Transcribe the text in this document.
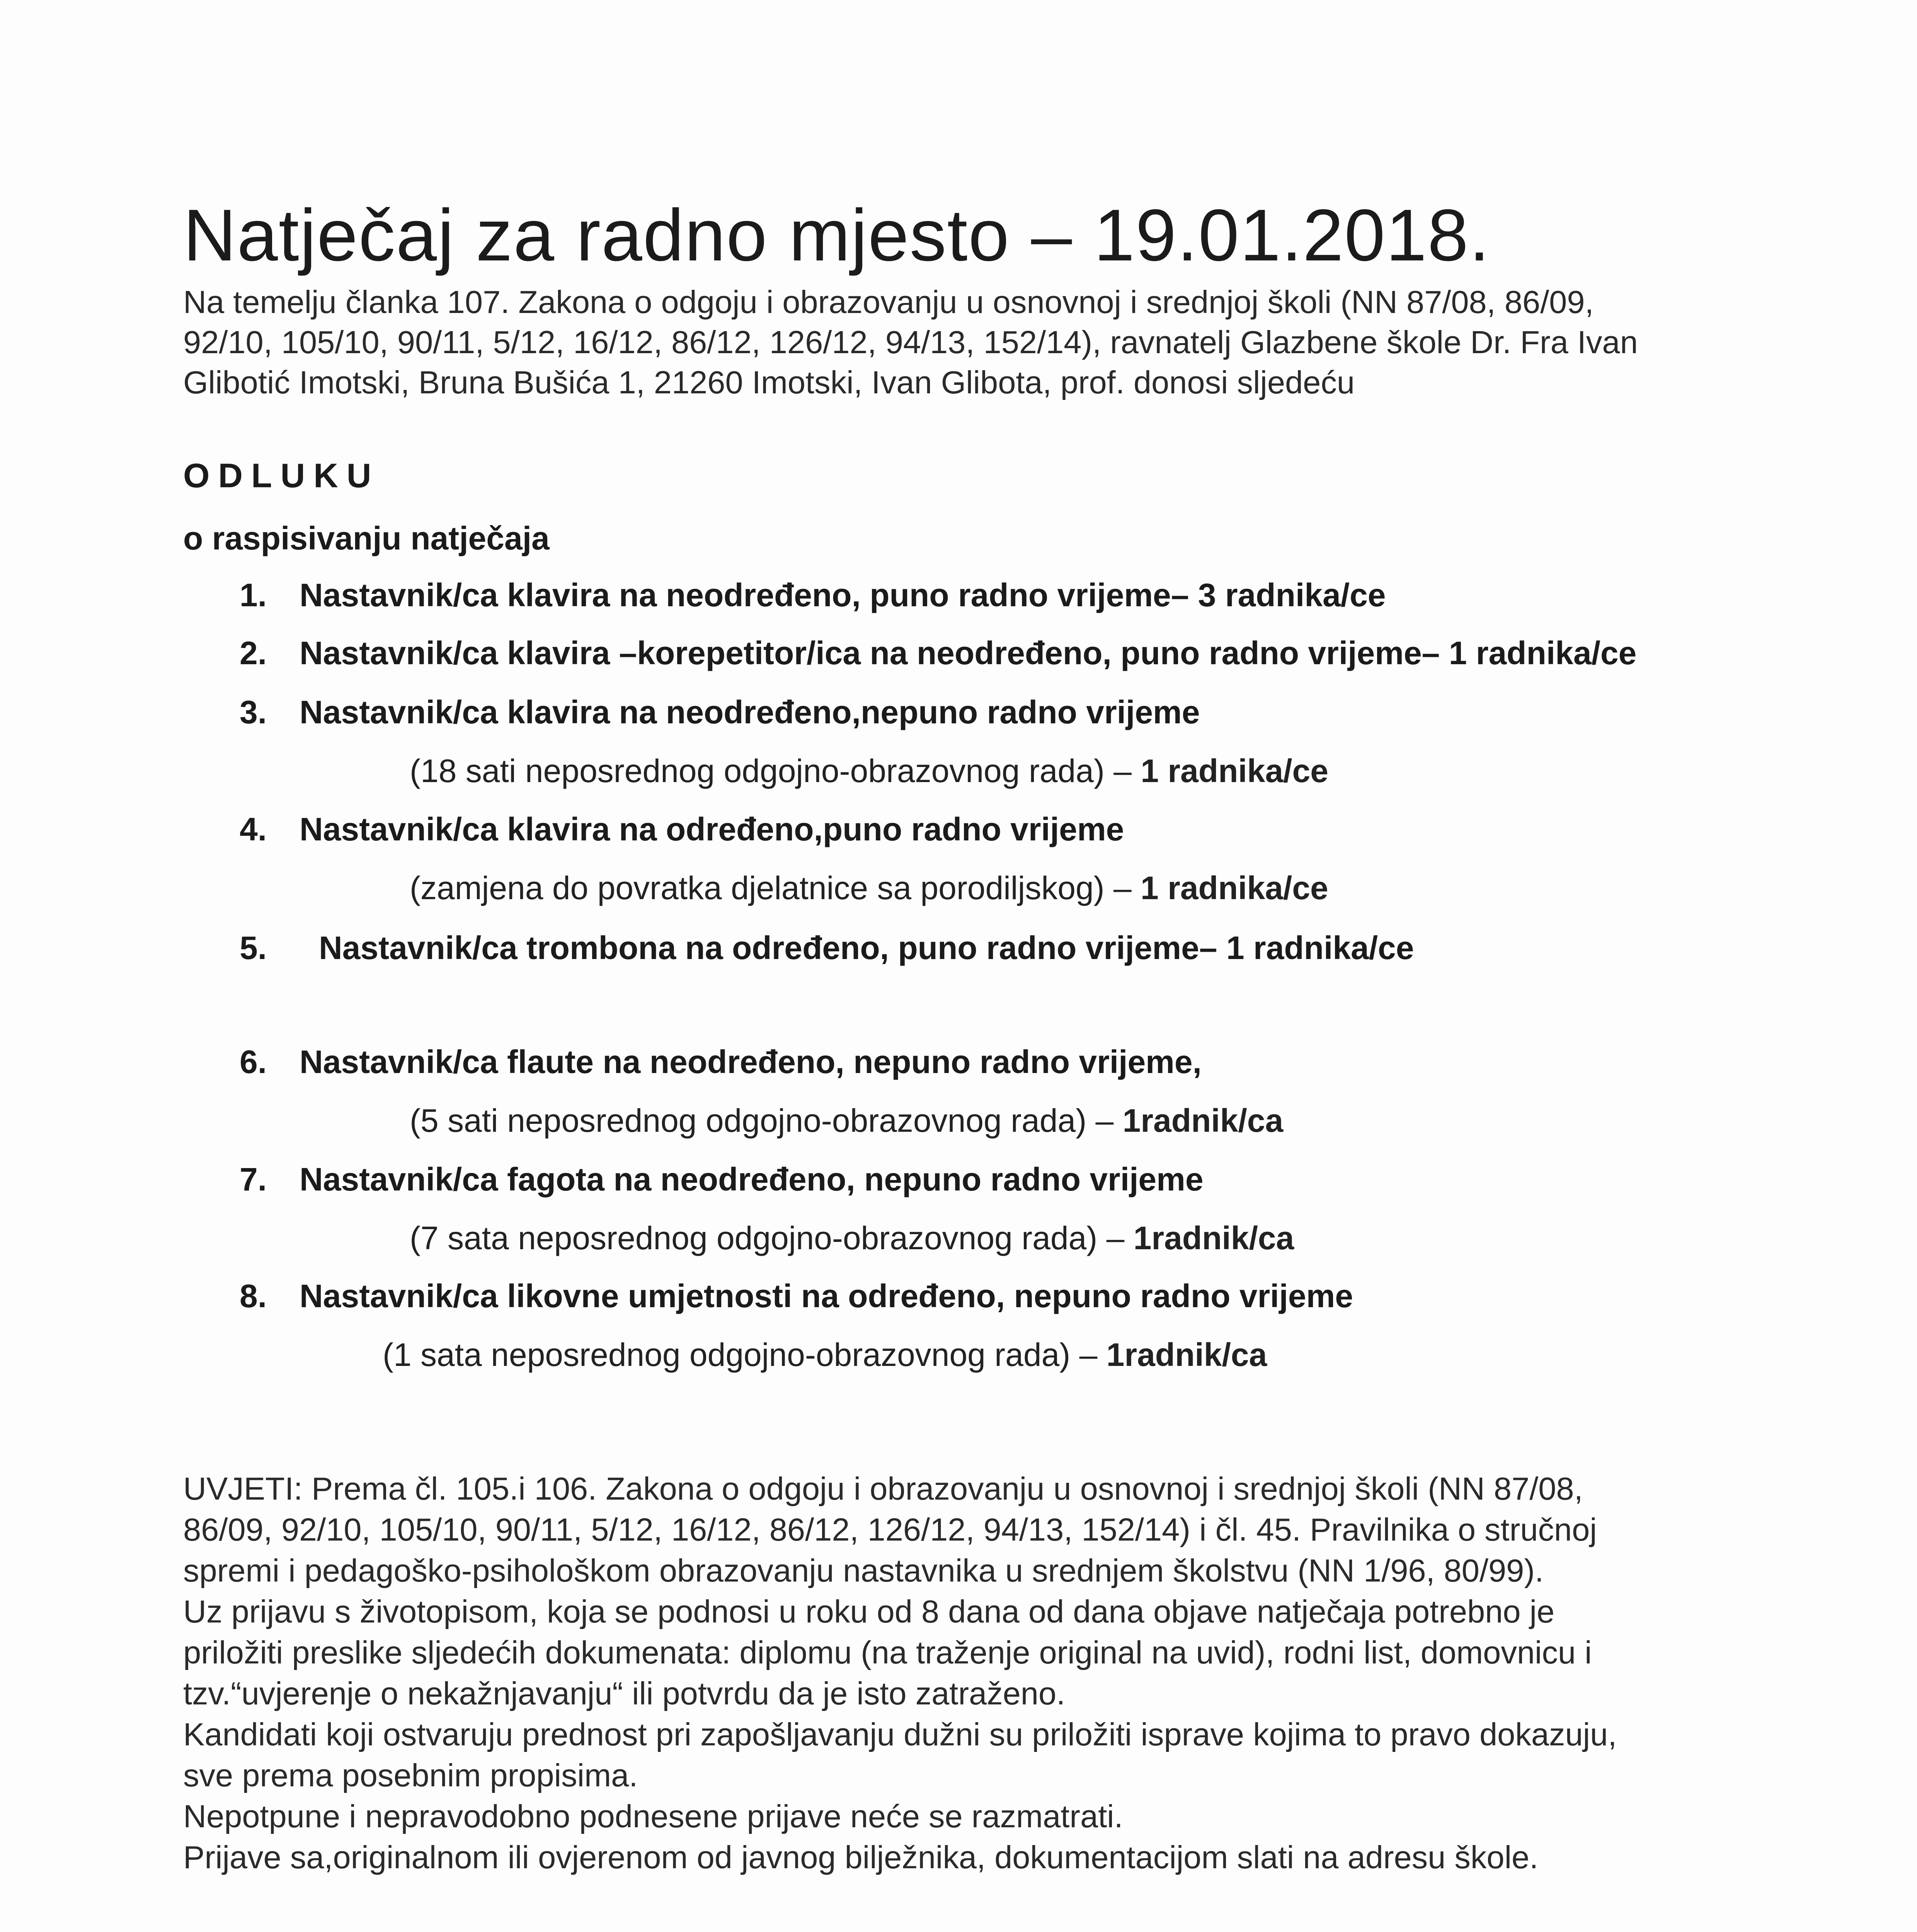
Natječaj za radno mjesto – 19.01.2018.

Na temelju članka 107. Zakona o odgoju i obrazovanju u osnovnoj i srednjoj školi (NN 87/08, 86/09,

92/10, 105/10, 90/11, 5/12, 16/12, 86/12, 126/12, 94/13, 152/14), ravnatelj Glazbene škole Dr. Fra Ivan

Glibotić Imotski, Bruna Bušića 1, 21260 Imotski, Ivan Glibota, prof. donosi sljedeću

ODLUKU
o raspisivanju natječaja
1. Nastavnik/ca klavira na neodređeno, puno radno vrijeme– 3 radnika/ce
2. Nastavnik/ca klavira –korepetitor/ica na neodređeno, puno radno vrijeme– 1 radnika/ce
3. Nastavnik/ca klavira na neodređeno,nepuno radno vrijeme
(18 sati neposrednog odgojno-obrazovnog rada) – 1 radnika/ce
4. Nastavnik/ca klavira na određeno,puno radno vrijeme
(zamjena do povratka djelatnice sa porodiljskog) – 1 radnika/ce
5. Nastavnik/ca trombona na određeno, puno radno vrijeme– 1 radnika/ce
6. Nastavnik/ca flaute na neodređeno, nepuno radno vrijeme,
(5 sati neposrednog odgojno-obrazovnog rada) – 1radnik/ca
7. Nastavnik/ca fagota na neodređeno, nepuno radno vrijeme
(7 sata neposrednog odgojno-obrazovnog rada) – 1radnik/ca
8. Nastavnik/ca likovne umjetnosti na određeno, nepuno radno vrijeme
(1 sata neposrednog odgojno-obrazovnog rada) – 1radnik/ca

UVJETI: Prema čl. 105.i 106. Zakona o odgoju i obrazovanju u osnovnoj i srednjoj školi (NN 87/08,

86/09, 92/10, 105/10, 90/11, 5/12, 16/12, 86/12, 126/12, 94/13, 152/14) i čl. 45. Pravilnika o stručnoj

spremi i pedagoško-psihološkom obrazovanju nastavnika u srednjem školstvu (NN 1/96, 80/99).

Uz prijavu s životopisom, koja se podnosi u roku od 8 dana od dana objave natječaja potrebno je

priložiti preslike sljedećih dokumenata: diplomu (na traženje original na uvid), rodni list, domovnicu i

tzv.“uvjerenje o nekažnjavanju“ ili potvrdu da je isto zatraženo.

Kandidati koji ostvaruju prednost pri zapošljavanju dužni su priložiti isprave kojima to pravo dokazuju,

sve prema posebnim propisima.

Nepotpune i nepravodobno podnesene prijave neće se razmatrati.

Prijave sa,originalnom ili ovjerenom od javnog bilježnika, dokumentacijom slati na adresu škole.
